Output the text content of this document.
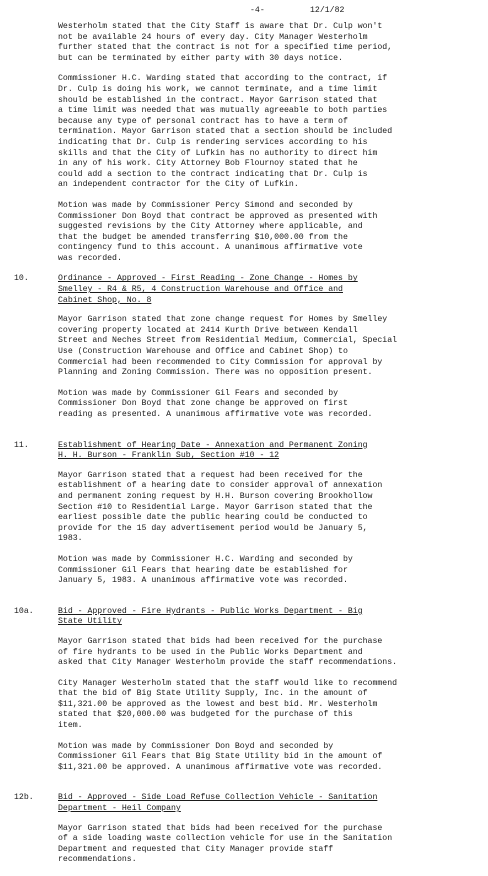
-4-	12/1/82

Westerholm stated that the City Staff is aware that Dr. Culp won't
not be available 24 hours of every day. City Manager Westerholm
further stated that the contract is not for a specified time period,
but can be terminated by either party with 30 days notice.

Commissioner H.C. Warding stated that according to the contract, if
Dr. Culp is doing his work, we cannot terminate, and a time limit
should be established in the contract. Mayor Garrison stated that
a time limit was needed that was mutually agreeable to both parties
because any type of personal contract has to have a term of
termination. Mayor Garrison stated that a section should be included
indicating that Dr. Culp is rendering services according to his
skills and that the City of Lufkin has no authority to direct him
in any of his work. City Attorney Bob Flournoy stated that he
could add a section to the contract indicating that Dr. Culp is
an independent contractor for the City of Lufkin.

Motion was made by Commissioner Percy Simond and seconded by
Commissioner Don Boyd that contract be approved as presented with
suggested revisions by the City Attorney where applicable, and
that the budget be amended transferring $10,000.00 from the
contingency fund to this account. A unanimous affirmative vote
was recorded.

10.	Ordinance - Approved - First Reading - Zone Change - Homes by
Smelley - R4 & R5, 4 Construction Warehouse and Office and
Cabinet Shop, No. 8

Mayor Garrison stated that zone change request for Homes by Smelley
covering property located at 2414 Kurth Drive between Kendall
Street and Neches Street from Residential Medium, Commercial, Special
Use (Construction Warehouse and Office and Cabinet Shop) to
Commercial had been recommended to City Commission for approval by
Planning and Zoning Commission. There was no opposition present.

Motion was made by Commissioner Gil Fears and seconded by
Commissioner Don Boyd that zone change be approved on first
reading as presented. A unanimous affirmative vote was recorded.

11.	Establishment of Hearing Date - Annexation and Permanent Zoning
H. H. Burson - Franklin Sub, Section #10 - 12

Mayor Garrison stated that a request had been received for the
establishment of a hearing date to consider approval of annexation
and permanent zoning request by H.H. Burson covering Brookhollow
Section #10 to Residential Large. Mayor Garrison stated that the
earliest possible date the public hearing could be conducted to
provide for the 15 day advertisement period would be January 5,
1983.

Motion was made by Commissioner H.C. Warding and seconded by
Commissioner Gil Fears that hearing date be established for
January 5, 1983. A unanimous affirmative vote was recorded.

10a.	Bid - Approved - Fire Hydrants - Public Works Department - Big
State Utility

Mayor Garrison stated that bids had been received for the purchase
of fire hydrants to be used in the Public Works Department and
asked that City Manager Westerholm provide the staff recommendations.

City Manager Westerholm stated that the staff would like to recommend
that the bid of Big State Utility Supply, Inc. in the amount of
$11,321.00 be approved as the lowest and best bid. Mr. Westerholm
stated that $20,000.00 was budgeted for the purchase of this
item.

Motion was made by Commissioner Don Boyd and seconded by
Commissioner Gil Fears that Big State Utility bid in the amount of
$11,321.00 be approved. A unanimous affirmative vote was recorded.

12b.	Bid - Approved - Side Load Refuse Collection Vehicle - Sanitation
Department - Heil Company

Mayor Garrison stated that bids had been received for the purchase
of a side loading waste collection vehicle for use in the Sanitation
Department and requested that City Manager provide staff
recommendations.
